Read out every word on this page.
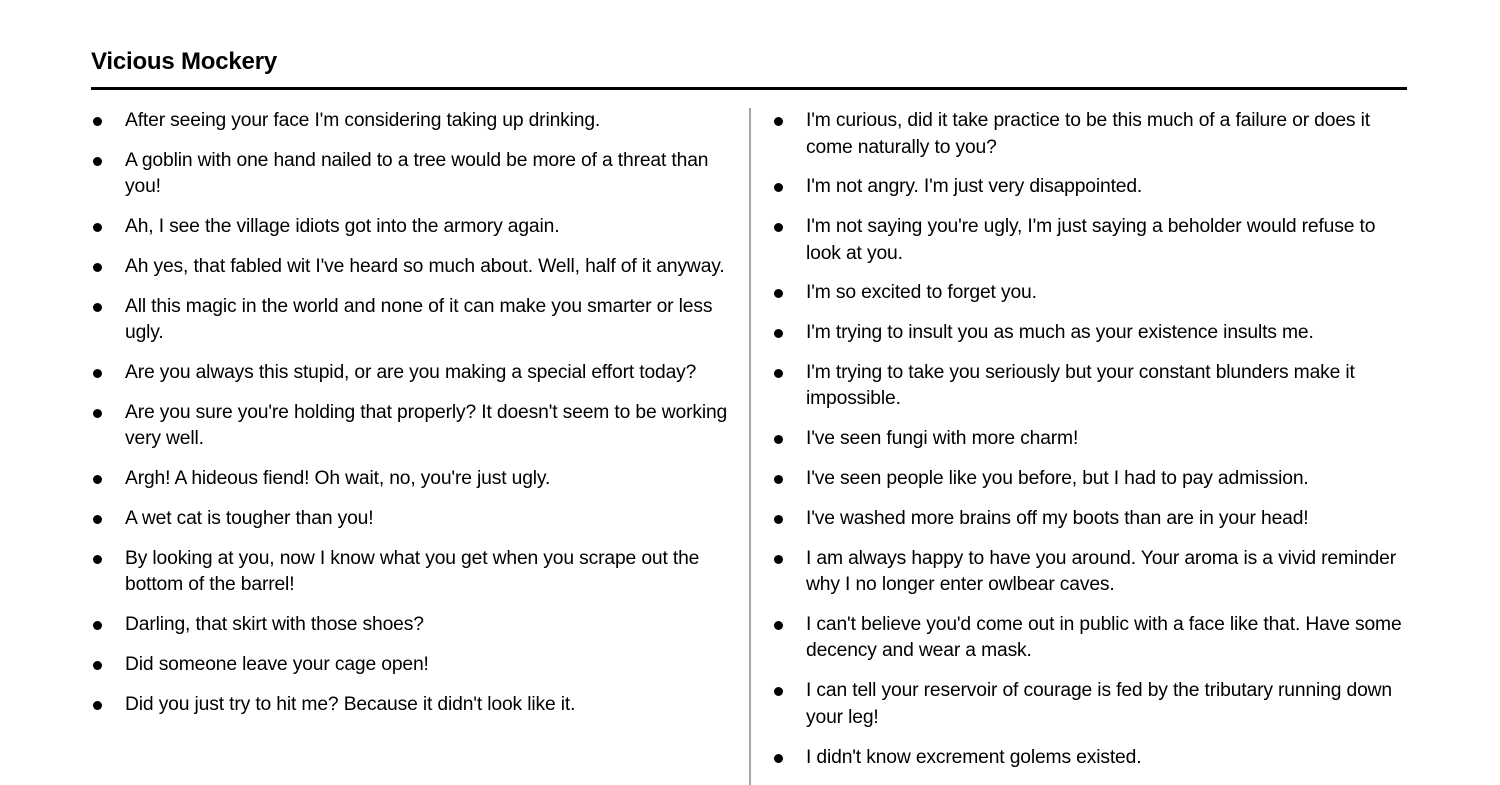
Vicious Mockery
After seeing your face I'm considering taking up drinking.
A goblin with one hand nailed to a tree would be more of a threat than you!
Ah, I see the village idiots got into the armory again.
Ah yes, that fabled wit I've heard so much about. Well, half of it anyway.
All this magic in the world and none of it can make you smarter or less ugly.
Are you always this stupid, or are you making a special effort today?
Are you sure you're holding that properly? It doesn't seem to be working very well.
Argh! A hideous fiend! Oh wait, no, you're just ugly.
A wet cat is tougher than you!
By looking at you, now I know what you get when you scrape out the bottom of the barrel!
Darling, that skirt with those shoes?
Did someone leave your cage open!
Did you just try to hit me? Because it didn't look like it.
I'm curious, did it take practice to be this much of a failure or does it come naturally to you?
I'm not angry. I'm just very disappointed.
I'm not saying you're ugly, I'm just saying a beholder would refuse to look at you.
I'm so excited to forget you.
I'm trying to insult you as much as your existence insults me.
I'm trying to take you seriously but your constant blunders make it impossible.
I've seen fungi with more charm!
I've seen people like you before, but I had to pay admission.
I've washed more brains off my boots than are in your head!
I am always happy to have you around. Your aroma is a vivid reminder why I no longer enter owlbear caves.
I can't believe you'd come out in public with a face like that. Have some decency and wear a mask.
I can tell your reservoir of courage is fed by the tributary running down your leg!
I didn't know excrement golems existed.
